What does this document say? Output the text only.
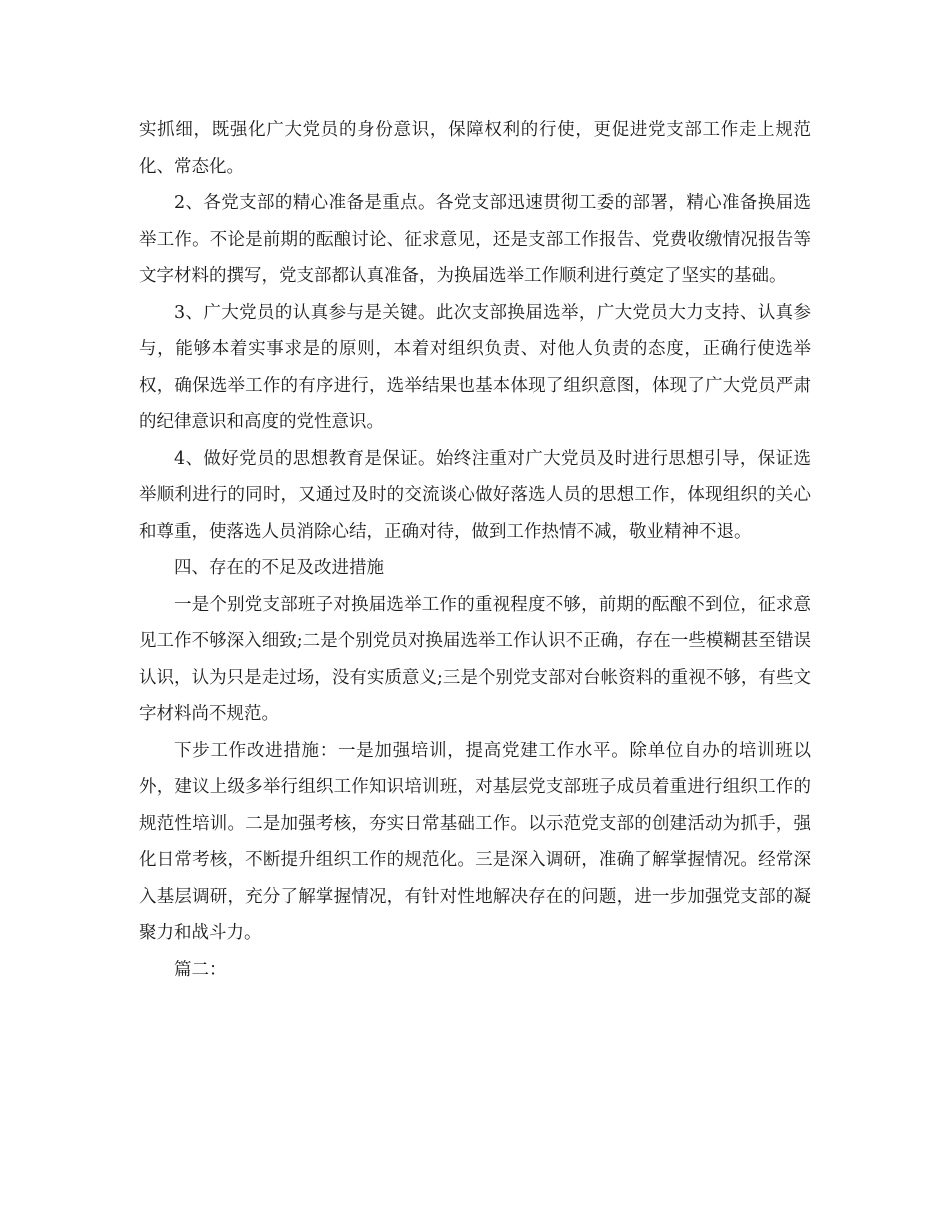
实抓细，既强化广大党员的身份意识，保障权利的行使，更促进党支部工作走上规范化、常态化。

2、各党支部的精心准备是重点。各党支部迅速贯彻工委的部署，精心准备换届选举工作。不论是前期的酝酿讨论、征求意见，还是支部工作报告、党费收缴情况报告等文字材料的撰写，党支部都认真准备，为换届选举工作顺利进行奠定了坚实的基础。

3、广大党员的认真参与是关键。此次支部换届选举，广大党员大力支持、认真参与，能够本着实事求是的原则，本着对组织负责、对他人负责的态度，正确行使选举权，确保选举工作的有序进行，选举结果也基本体现了组织意图，体现了广大党员严肃的纪律意识和高度的党性意识。

4、做好党员的思想教育是保证。始终注重对广大党员及时进行思想引导，保证选举顺利进行的同时，又通过及时的交流谈心做好落选人员的思想工作，体现组织的关心和尊重，使落选人员消除心结，正确对待，做到工作热情不减，敬业精神不退。

四、存在的不足及改进措施

一是个别党支部班子对换届选举工作的重视程度不够，前期的酝酿不到位，征求意见工作不够深入细致;二是个别党员对换届选举工作认识不正确，存在一些模糊甚至错误认识，认为只是走过场，没有实质意义;三是个别党支部对台帐资料的重视不够，有些文字材料尚不规范。

下步工作改进措施：一是加强培训，提高党建工作水平。除单位自办的培训班以外，建议上级多举行组织工作知识培训班，对基层党支部班子成员着重进行组织工作的规范性培训。二是加强考核，夯实日常基础工作。以示范党支部的创建活动为抓手，强化日常考核，不断提升组织工作的规范化。三是深入调研，准确了解掌握情况。经常深入基层调研，充分了解掌握情况，有针对性地解决存在的问题，进一步加强党支部的凝聚力和战斗力。

篇二：
